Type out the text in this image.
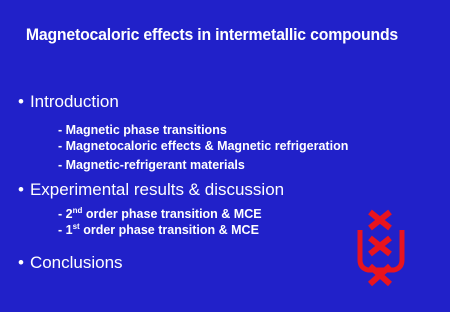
Magnetocaloric effects in intermetallic compounds
• Introduction
- Magnetic phase transitions
- Magnetocaloric effects & Magnetic refrigeration
- Magnetic-refrigerant materials
• Experimental results & discussion
- 2nd order phase transition & MCE
- 1st order phase transition & MCE
• Conclusions
